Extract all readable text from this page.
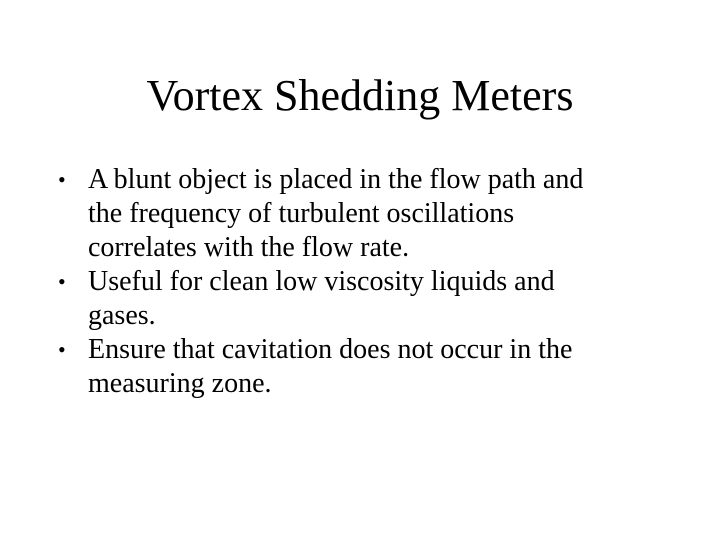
Vortex Shedding Meters
• A blunt object is placed in the flow path and
the frequency of turbulent oscillations
correlates with the flow rate.
• Useful for clean low viscosity liquids and
gases.
• Ensure that cavitation does not occur in the
measuring zone.
